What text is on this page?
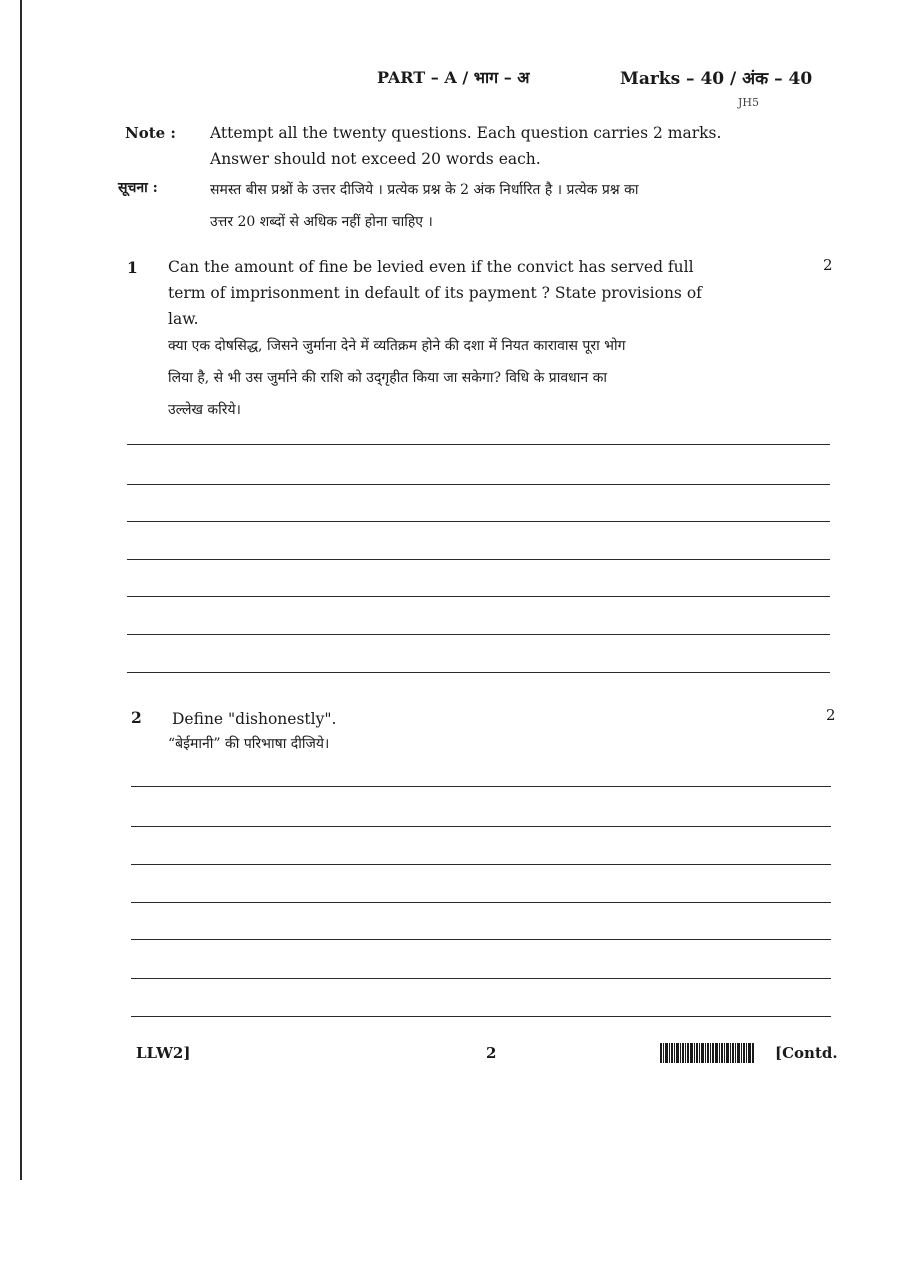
PART – A / भाग – अ	Marks – 40 / अंक – 40
JH5
Note : Attempt all the twenty questions. Each question carries 2 marks.
Answer should not exceed 20 words each.
सूचना :	समस्त बीस प्रश्नों के उत्तर दीजिये । प्रत्येक प्रश्न के 2 अंक निर्धारित है । प्रत्येक प्रश्न का
उत्तर 20 शब्दों से अधिक नहीं होना चाहिए ।
1	2
Can the amount of fine be levied even if the convict has served full
term of imprisonment in default of its payment ? State provisions of
law.
क्या एक दोषसिद्ध, जिसने जुर्माना देने में व्यतिक्रम होने की दशा में नियत कारावास पूरा भोग
लिया है, से भी उस जुर्माने की राशि को उद्‌गृहीत किया जा सकेगा? विधि के प्रावधान का
उल्लेख करिये।
2	2
Define "dishonestly".
“बेईमानी” की परिभाषा दीजिये।
LLW2]	2	[Contd.
